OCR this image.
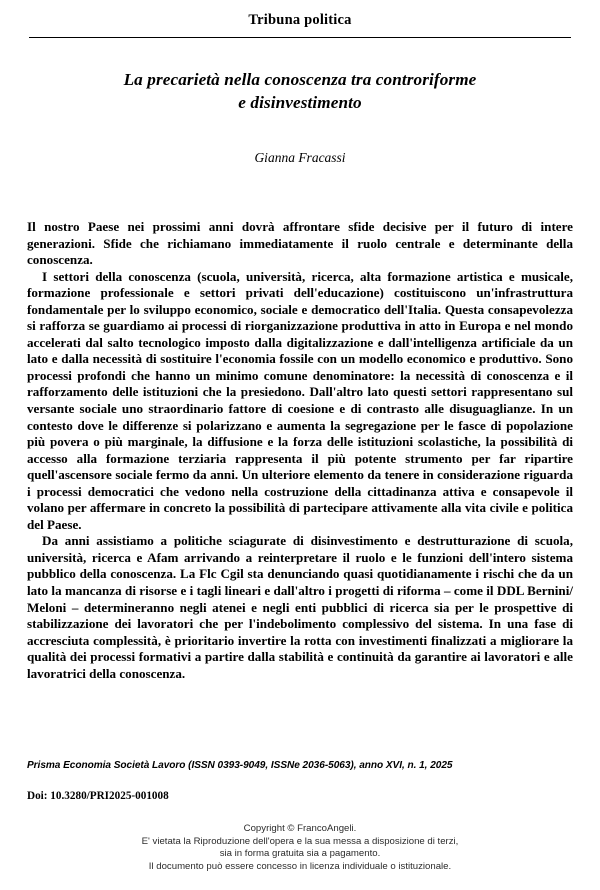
Tribuna politica
La precarietà nella conoscenza tra controriforme
e disinvestimento
Gianna Fracassi

Il nostro Paese nei prossimi anni dovrà affrontare sfide decisive per il futuro di intere generazioni. Sfide che richiamano immediatamente il ruolo centrale e determinante della conoscenza.

I settori della conoscenza (scuola, università, ricerca, alta formazione artistica e musicale, formazione professionale e settori privati dell'educazione) costituiscono un'infrastruttura fondamentale per lo sviluppo economico, sociale e democratico dell'Italia. Questa consapevolezza si rafforza se guardiamo ai processi di riorganizzazione produttiva in atto in Europa e nel mondo accelerati dal salto tecnologico imposto dalla digitalizzazione e dall'intelligenza artificiale da un lato e dalla necessità di sostituire l'economia fossile con un modello economico e produttivo. Sono processi profondi che hanno un minimo comune denominatore: la necessità di conoscenza e il rafforzamento delle istituzioni che la presiedono. Dall'altro lato questi settori rappresentano sul versante sociale uno straordinario fattore di coesione e di contrasto alle disuguaglianze. In un contesto dove le differenze si polarizzano e aumenta la segregazione per le fasce di popolazione più povera o più marginale, la diffusione e la forza delle istituzioni scolastiche, la possibilità di accesso alla formazione terziaria rappresenta il più potente strumento per far ripartire quell'ascensore sociale fermo da anni. Un ulteriore elemento da tenere in considerazione riguarda i processi democratici che vedono nella costruzione della cittadinanza attiva e consapevole il volano per affermare in concreto la possibilità di partecipare attivamente alla vita civile e politica del Paese.

Da anni assistiamo a politiche sciagurate di disinvestimento e destrutturazione di scuola, università, ricerca e Afam arrivando a reinterpretare il ruolo e le funzioni dell'intero sistema pubblico della conoscenza. La Flc Cgil sta denunciando quasi quotidianamente i rischi che da un lato la mancanza di risorse e i tagli lineari e dall'altro i progetti di riforma – come il DDL Bernini/ Meloni – determineranno negli atenei e negli enti pubblici di ricerca sia per le prospettive di stabilizzazione dei lavoratori che per l'indebolimento complessivo del sistema. In una fase di accresciuta complessità, è prioritario invertire la rotta con investimenti finalizzati a migliorare la qualità dei processi formativi a partire dalla stabilità e continuità da garantire ai lavoratori e alle lavoratrici della conoscenza.

Prisma Economia Società Lavoro (ISSN 0393-9049, ISSNe 2036-5063), anno XVI, n. 1, 2025
Doi: 10.3280/PRI2025-001008
Copyright © FrancoAngeli.
E' vietata la Riproduzione dell'opera e la sua messa a disposizione di terzi,
sia in forma gratuita sia a pagamento.
Il documento può essere concesso in licenza individuale o istituzionale.
